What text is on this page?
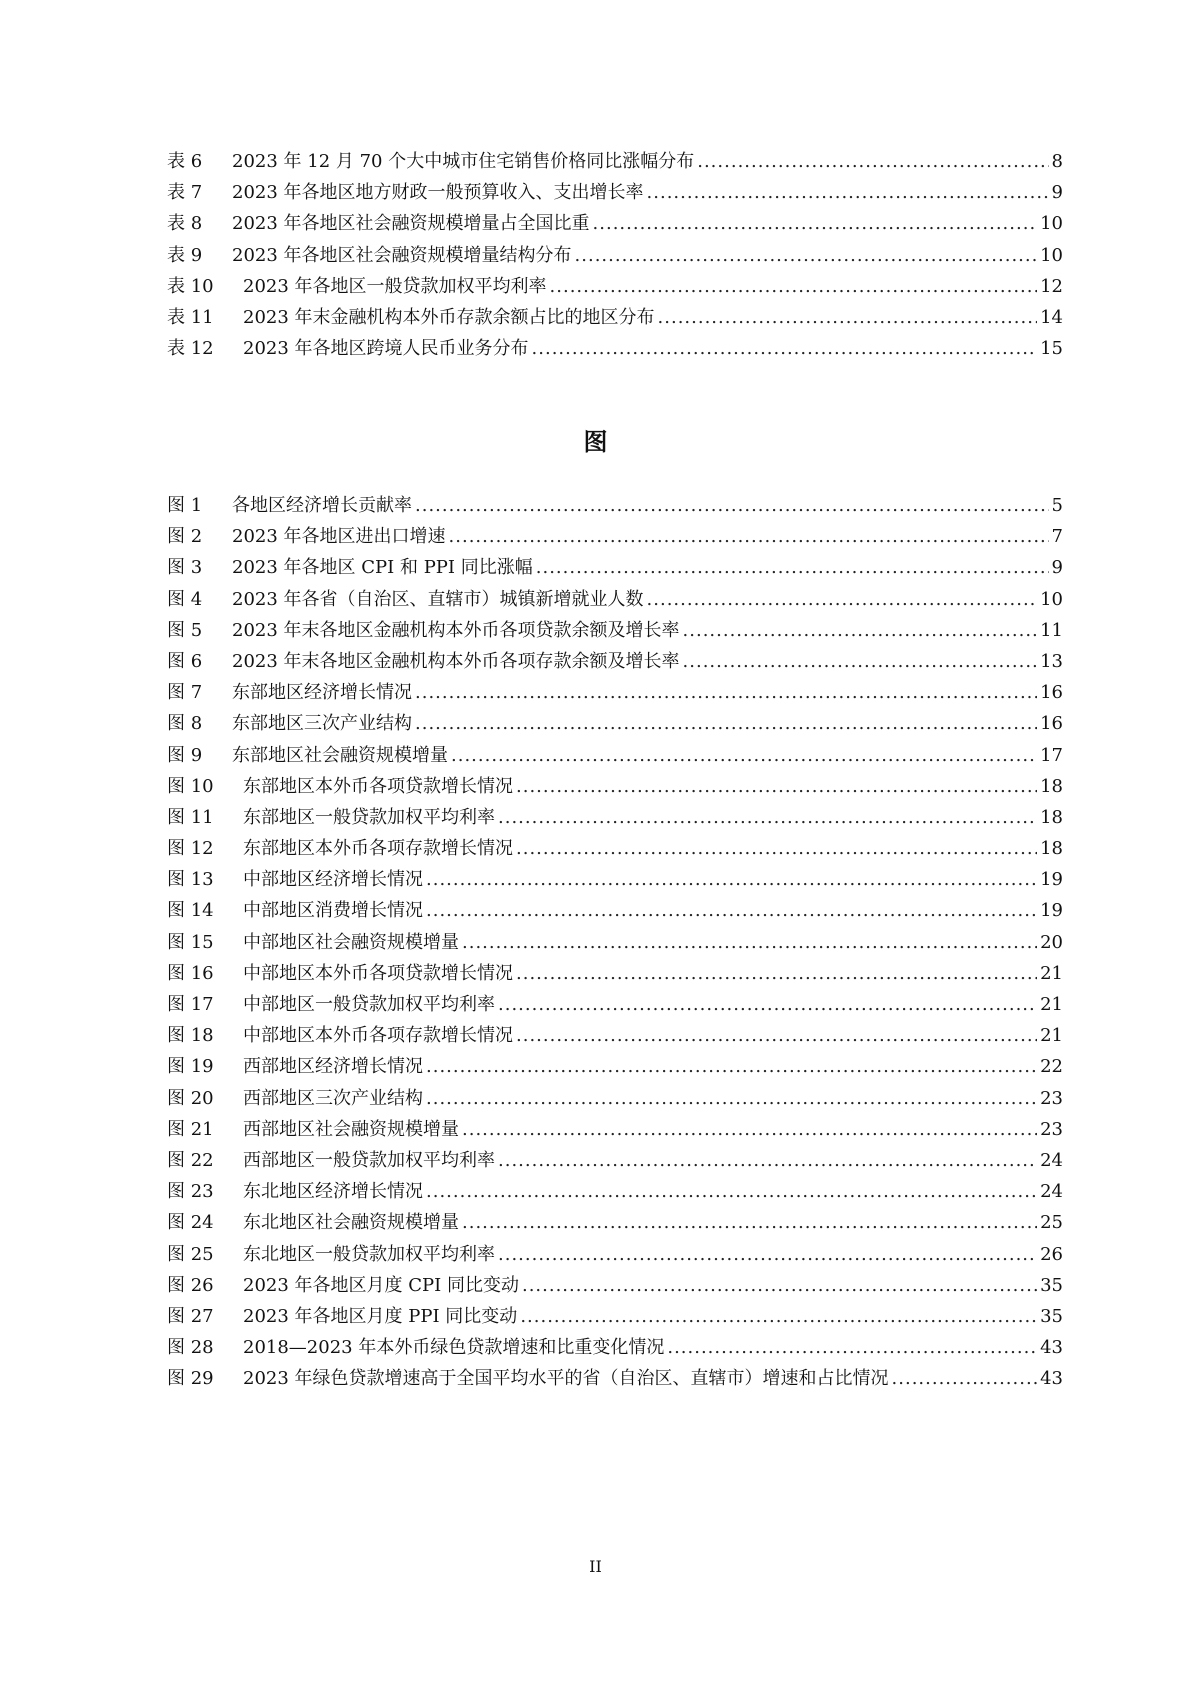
表 6	2023 年 12 月 70 个大中城市住宅销售价格同比涨幅分布 .....	8
表 7	2023 年各地区地方财政一般预算收入、支出增长率 .....	9
表 8	2023 年各地区社会融资规模增量占全国比重 .....	10
表 9	2023 年各地区社会融资规模增量结构分布 .....	10
表 10	2023 年各地区一般贷款加权平均利率 .....	12
表 11	2023 年末金融机构本外币存款余额占比的地区分布 .....	14
表 12	2023 年各地区跨境人民币业务分布 .....	15
图
图 1	各地区经济增长贡献率 .....	5
图 2	2023 年各地区进出口增速 .....	7
图 3	2023 年各地区 CPI 和 PPI 同比涨幅 .....	9
图 4	2023 年各省（自治区、直辖市）城镇新增就业人数 .....	10
图 5	2023 年末各地区金融机构本外币各项贷款余额及增长率 .....	11
图 6	2023 年末各地区金融机构本外币各项存款余额及增长率 .....	13
图 7	东部地区经济增长情况 .....	16
图 8	东部地区三次产业结构 .....	16
图 9	东部地区社会融资规模增量 .....	17
图 10	东部地区本外币各项贷款增长情况 .....	18
图 11	东部地区一般贷款加权平均利率 .....	18
图 12	东部地区本外币各项存款增长情况 .....	18
图 13	中部地区经济增长情况 .....	19
图 14	中部地区消费增长情况 .....	19
图 15	中部地区社会融资规模增量 .....	20
图 16	中部地区本外币各项贷款增长情况 .....	21
图 17	中部地区一般贷款加权平均利率 .....	21
图 18	中部地区本外币各项存款增长情况 .....	21
图 19	西部地区经济增长情况 .....	22
图 20	西部地区三次产业结构 .....	23
图 21	西部地区社会融资规模增量 .....	23
图 22	西部地区一般贷款加权平均利率 .....	24
图 23	东北地区经济增长情况 .....	24
图 24	东北地区社会融资规模增量 .....	25
图 25	东北地区一般贷款加权平均利率 .....	26
图 26	2023 年各地区月度 CPI 同比变动 .....	35
图 27	2023 年各地区月度 PPI 同比变动 .....	35
图 28	2018—2023 年本外币绿色贷款增速和比重变化情况 .....	43
图 29	2023 年绿色贷款增速高于全国平均水平的省（自治区、直辖市）增速和占比情况 .....	43
II
